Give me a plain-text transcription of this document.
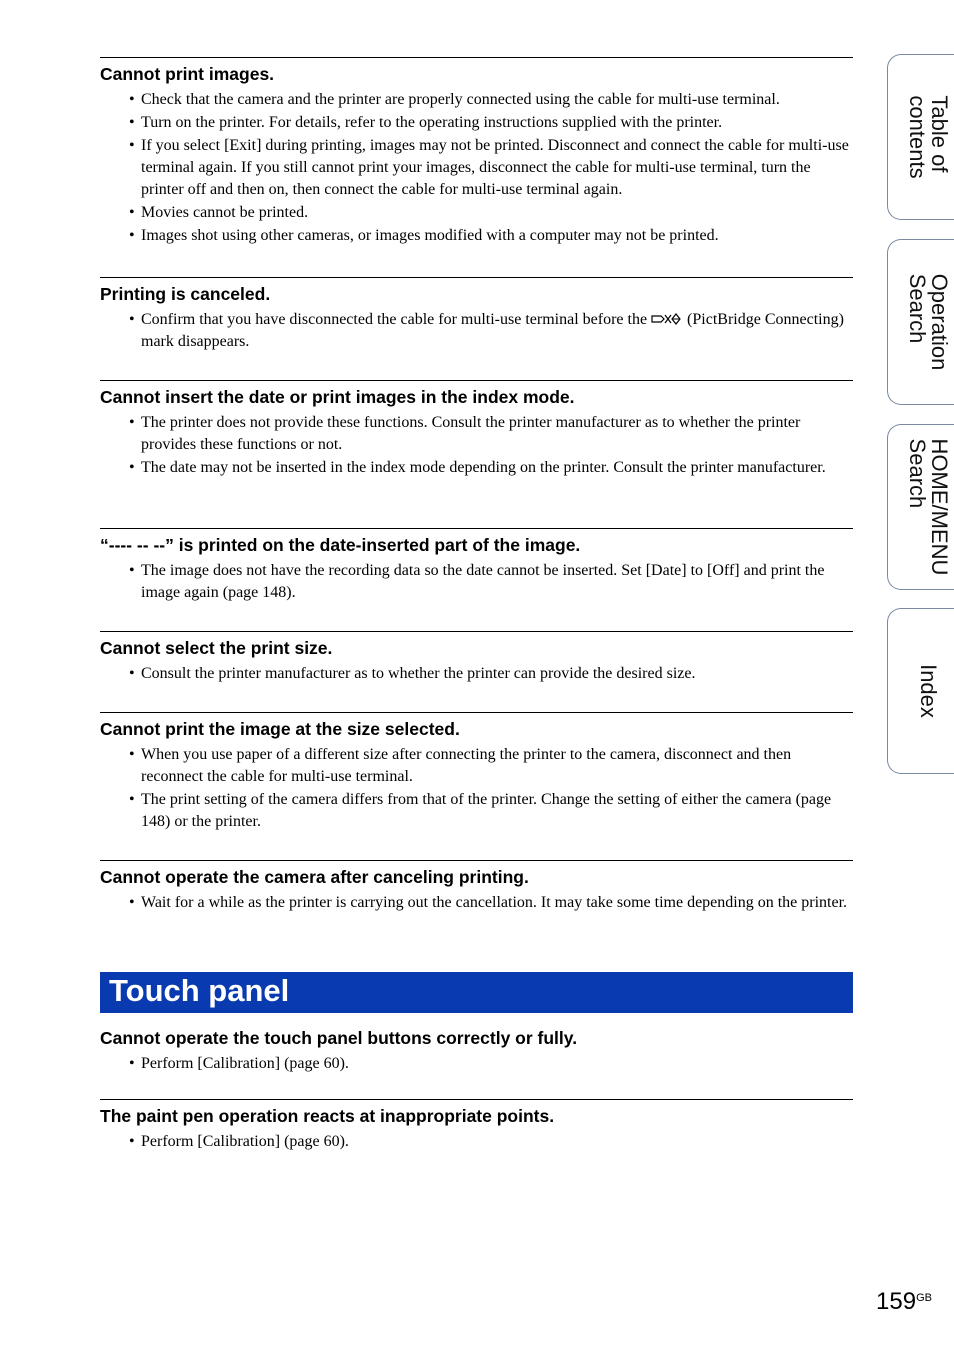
Cannot print images.
• Check that the camera and the printer are properly connected using the cable for multi-use terminal.
• Turn on the printer. For details, refer to the operating instructions supplied with the printer.
• If you select [Exit] during printing, images may not be printed. Disconnect and connect the cable for multi-use terminal again. If you still cannot print your images, disconnect the cable for multi-use terminal, turn the printer off and then on, then connect the cable for multi-use terminal again.
• Movies cannot be printed.
• Images shot using other cameras, or images modified with a computer may not be printed.
Printing is canceled.
• Confirm that you have disconnected the cable for multi-use terminal before the	(PictBridge Connecting) mark disappears.
Cannot insert the date or print images in the index mode.
• The printer does not provide these functions. Consult the printer manufacturer as to whether the printer provides these functions or not.
• The date may not be inserted in the index mode depending on the printer. Consult the printer manufacturer.
“---- -- --” is printed on the date-inserted part of the image.
• The image does not have the recording data so the date cannot be inserted. Set [Date] to [Off] and print the image again (page 148).
Cannot select the print size.
• Consult the printer manufacturer as to whether the printer can provide the desired size.
Cannot print the image at the size selected.
• When you use paper of a different size after connecting the printer to the camera, disconnect and then reconnect the cable for multi-use terminal.
• The print setting of the camera differs from that of the printer. Change the setting of either the camera (page 148) or the printer.
Cannot operate the camera after canceling printing.
• Wait for a while as the printer is carrying out the cancellation. It may take some time depending on the printer.
Touch panel
Cannot operate the touch panel buttons correctly or fully.
• Perform [Calibration] (page 60).
The paint pen operation reacts at inappropriate points.
• Perform [Calibration] (page 60).
Table of
contents
Operation
Search
HOME/MENU
Search
Index
$159^{GB}$
